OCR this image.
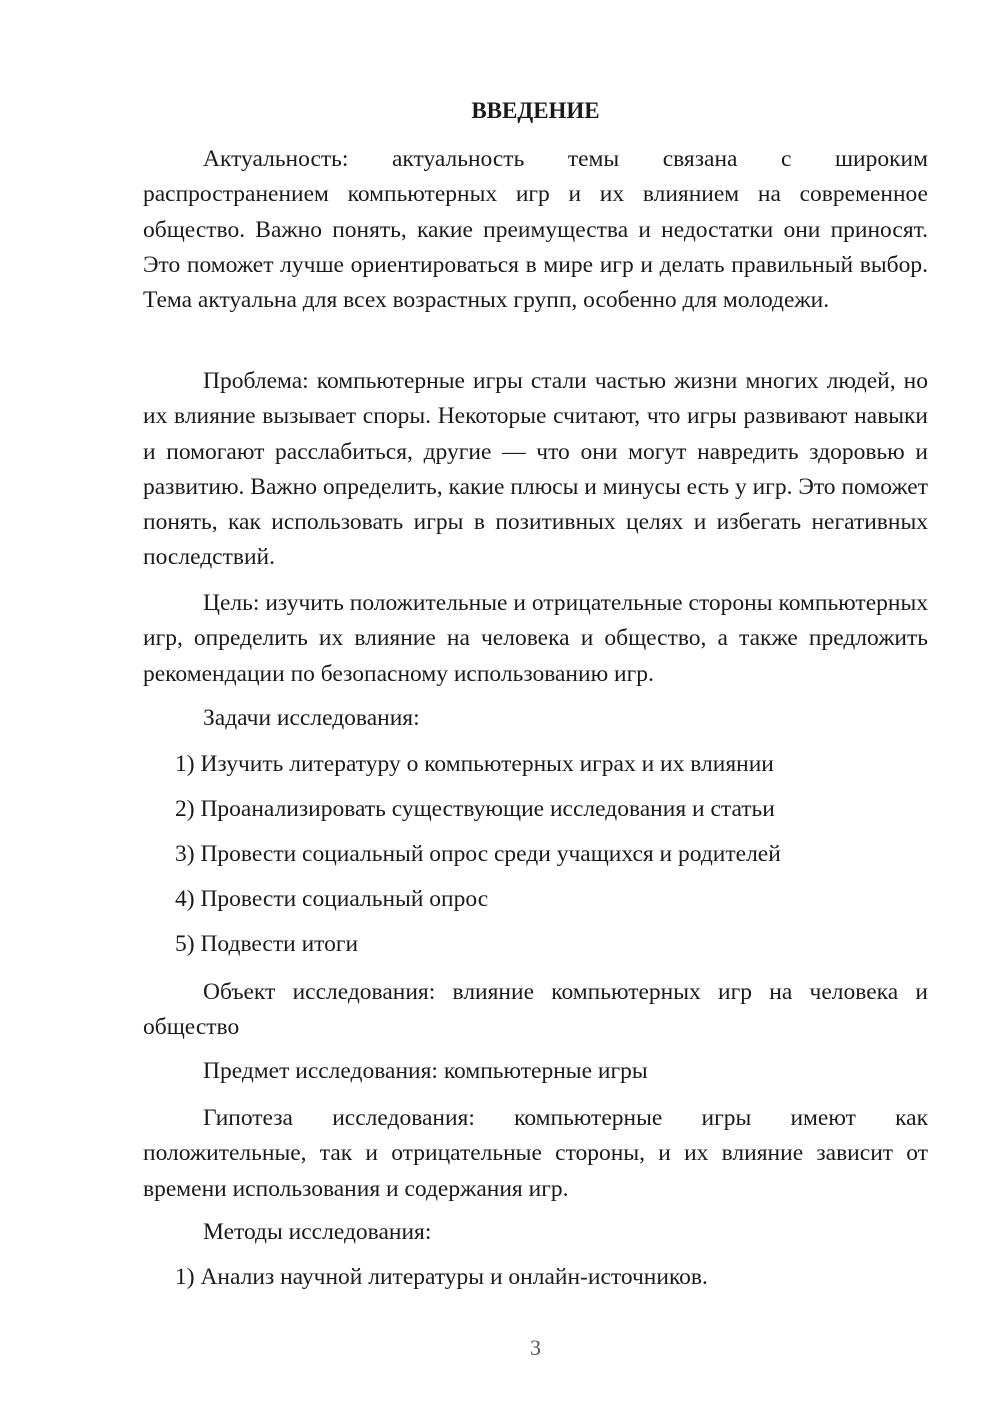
ВВЕДЕНИЕ

Актуальность: актуальность темы связана с широким распространением компьютерных игр и их влиянием на современное общество. Важно понять, какие преимущества и недостатки они приносят. Это поможет лучше ориентироваться в мире игр и делать правильный выбор. Тема актуальна для всех возрастных групп, особенно для молодежи.

Проблема: компьютерные игры стали частью жизни многих людей, но их влияние вызывает споры. Некоторые считают, что игры развивают навыки и помогают расслабиться, другие — что они могут навредить здоровью и развитию. Важно определить, какие плюсы и минусы есть у игр. Это поможет понять, как использовать игры в позитивных целях и избегать негативных последствий.

Цель: изучить положительные и отрицательные стороны компьютерных игр, определить их влияние на человека и общество, а также предложить рекомендации по безопасному использованию игр.

Задачи исследования:

1) Изучить литературу о компьютерных играх и их влиянии

2) Проанализировать существующие исследования и статьи

3) Провести социальный опрос среди учащихся и родителей

4) Провести социальный опрос

5) Подвести итоги

Объект исследования: влияние компьютерных игр на человека и общество

Предмет исследования: компьютерные игры

Гипотеза исследования: компьютерные игры имеют как положительные, так и отрицательные стороны, и их влияние зависит от времени использования и содержания игр.

Методы исследования:

1) Анализ научной литературы и онлайн-источников.

3
